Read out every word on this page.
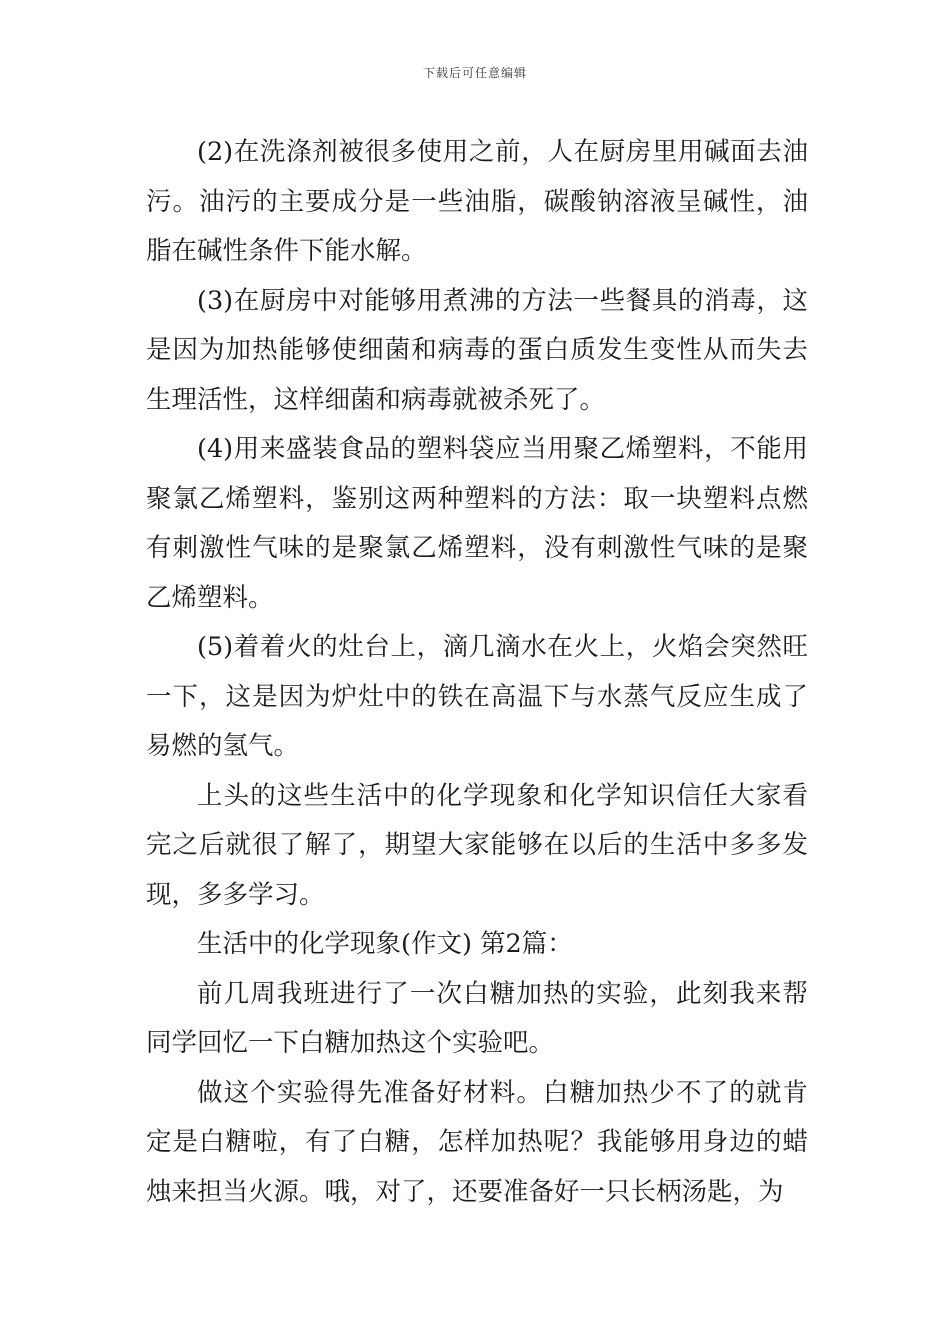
下载后可任意编辑

(2)在洗涤剂被很多使用之前，人在厨房里用碱面去油污。油污的主要成分是一些油脂，碳酸钠溶液呈碱性，油脂在碱性条件下能水解。

(3)在厨房中对能够用煮沸的方法一些餐具的消毒，这是因为加热能够使细菌和病毒的蛋白质发生变性从而失去生理活性，这样细菌和病毒就被杀死了。

(4)用来盛装食品的塑料袋应当用聚乙烯塑料，不能用聚氯乙烯塑料，鉴别这两种塑料的方法：取一块塑料点燃有刺激性气味的是聚氯乙烯塑料，没有刺激性气味的是聚乙烯塑料。

(5)着着火的灶台上，滴几滴水在火上，火焰会突然旺一下，这是因为炉灶中的铁在高温下与水蒸气反应生成了易燃的氢气。

上头的这些生活中的化学现象和化学知识信任大家看完之后就很了解了，期望大家能够在以后的生活中多多发现，多多学习。

生活中的化学现象(作文) 第2篇：

前几周我班进行了一次白糖加热的实验，此刻我来帮同学回忆一下白糖加热这个实验吧。

做这个实验得先准备好材料。白糖加热少不了的就肯定是白糖啦，有了白糖，怎样加热呢？我能够用身边的蜡烛来担当火源。哦，对了，还要准备好一只长柄汤匙，为
